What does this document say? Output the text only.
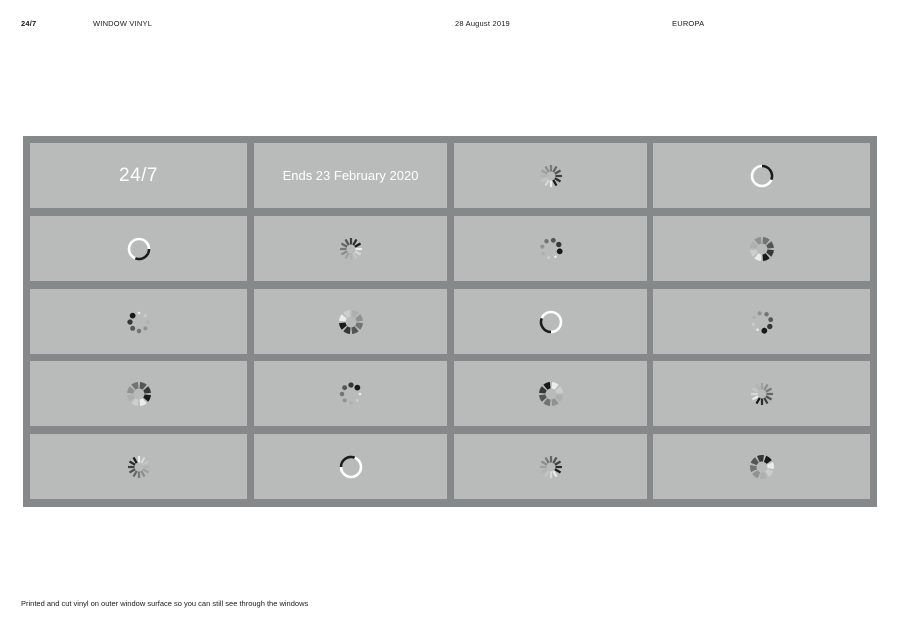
24/7	WINDOW VINYL	28 August 2019	EUROPA
24/7	Ends 23 February 2020
Printed and cut vinyl on outer window surface so you can still see through the windows
